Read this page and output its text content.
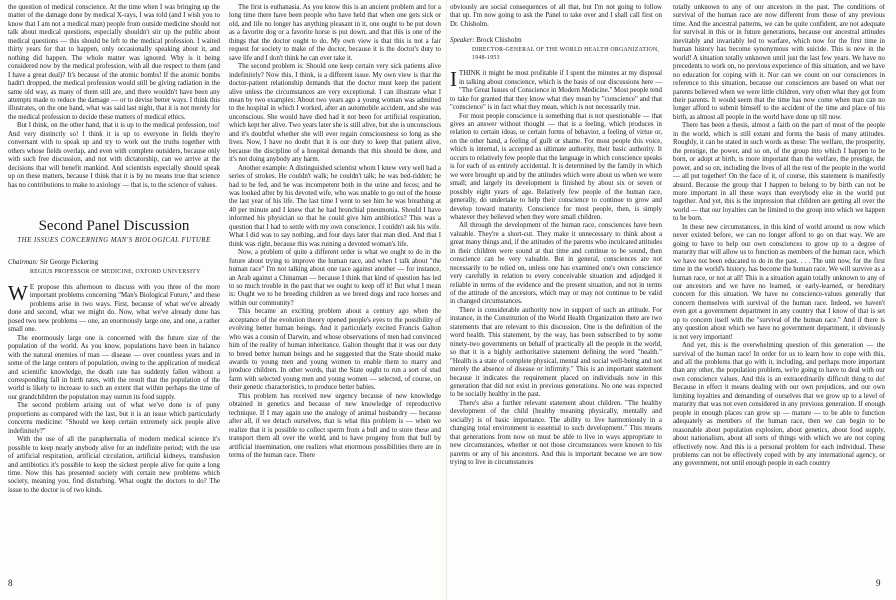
the question of medical conscience. At the time when I was bringing up the matter of the damage done by medical X-rays, I was told (and I wish you to know that I am not a medical man) people from outside medicine should not talk about medical questions, especially shouldn't stir up the public about medical questions — this should be left to the medical profession. I waited thirty years for that to happen, only occasionally speaking about it, and nothing did happen. The whole matter was ignored. Why is it being considered now by the medical profession, with all due respect to them (and I have a great deal)? It's because of the atomic bombs! If the atomic bombs hadn't dropped, the medical profession would still be giving radiation in the same old way, as many of them still are, and there wouldn't have been any attempts made to reduce the damage — or to devise better ways. I think this illustrates, on the one hand, what was said last night, that it is not merely for the medical profession to decide these matters of medical ethics.

But I think, on the other hand, that it is up to the medical profession, too! And very distinctly so! I think it is up to everyone in fields they're conversant with to speak up and try to work out the truths together with others whose fields overlap, and even with complete outsiders, because only with such free discussion, and not with dictatorship, can we arrive at the decisions that will benefit mankind. And scientists especially should speak up on these matters, because I think that it is by no means true that science has no contributions to make to axiology — that is, to the science of values.

Second Panel Discussion
THE ISSUES CONCERNING MAN'S BIOLOGICAL FUTURE
Chairman: Sir George Pickering
REGIUS PROFESSOR OF MEDICINE, OXFORD UNIVERSITY

W E propose this afternoon to discuss with you three of the more important problems concerning "Man's Biological Future," and these problems arise in two ways. First, because of what we've already done and second, what we might do. Now, what we've already done has posed two new problems — one, an enormously large one, and one, a rather small one.

The enormously large one is concerned with the future size of the population of the world. As you know, populations have been in balance with the natural enemies of man — disease — over countless years and in some of the large centers of population, owing to the application of medical and scientific knowledge, the death rate has suddenly fallen without a corresponding fall in birth rates, with the result that the population of the world is likely to increase to such an extent that within perhaps the time of our grandchildren the population may outrun its food supply.

The second problem arising out of what we've done is of puny proportions as compared with the last, but it is an issue which particularly concerns medicine: "Should we keep certain extremely sick people alive indefinitely?"

With the use of all the paraphernalia of modern medical science it's possible to keep nearly anybody alive for an indefinite period; with the use of artificial respiration, artificial circulation, artificial kidneys, transfusion and antibiotics it's possible to keep the sickest people alive for quite a long time. Now this has presented society with certain new problems which society, meaning you, find disturbing. What ought the doctors to do? The issue to the doctor is of two kinds.

The first is euthanasia. As you know this is an ancient problem and for a long time there have been people who have held that when one gets sick or old, and life no longer has anything pleasant in it, one ought to be put down as a favorite dog or a favorite horse is put down, and that this is one of the things that the doctor ought to do. My own view is that this is not a fair request for society to make of the doctor, because it is the doctor's duty to save life and I don't think he can ever take it.

The second problem is: Should one keep certain very sick patients alive indefinitely? Now this, I think, is a different issue. My own view is that the doctor-patient relationship demands that the doctor must keep the patient alive unless the circumstances are very exceptional. I can illustrate what I mean by two examples: About two years ago a young woman was admitted to the hospital in which I worked, after an automobile accident, and she was unconscious. She would have died had it not been for artificial respiration, which kept her alive. Two years later she is still alive, but she is unconscious and it's doubtful whether she will ever regain consciousness so long as she lives. Now, I have no doubt that it is our duty to keep that patient alive, because the discipline of a hospital demands that this should be done, and it's not doing anybody any harm.

Another example: A distinguished scientist whom I knew very well had a series of strokes. He couldn't walk; he couldn't talk; he was bed-ridden; he had to be fed, and he was incompetent both in the urine and feces; and he was looked after by his devoted wife, who was unable to go out of the house the last year of his life. The last time I went to see him he was breathing at 40 per minute and I knew that he had bronchial pneumonia. Should I have informed his physician so that he could give him antibiotics? This was a question that I had to settle with my own conscience. I couldn't ask his wife. What I did was to say nothing, and four days later that man died. And that I think was right, because this was ruining a devoted woman's life.

Now, a problem of quite a different order is what we ought to do in the future about trying to improve the human race, and when I talk about "the human race" I'm not talking about one race against another — for instance, an Arab against a Chinaman — because I think that kind of question has led to so much trouble in the past that we ought to keep off it! But what I mean is: Ought we to be breeding children as we breed dogs and race horses and within our community?

This became an exciting problem about a century ago when the acceptance of the evolution theory opened people's eyes to the possibility of evolving better human beings. And it particularly excited Francis Galton who was a cousin of Darwin, and whose observations of men had convinced him of the reality of human inheritance. Galton thought that it was our duty to breed better human beings and he suggested that the State should make awards to young men and young women to enable them to marry and produce children. In other words, that the State ought to run a sort of stud farm with selected young men and young women — selected, of course, on their genetic characteristics, to produce better babies.

This problem has received new urgency because of new knowledge obtained in genetics and because of new knowledge of reproductive technique. If I may again use the analogy of animal husbandry — because after all, if we detach ourselves, that is what this problem is — when we realize that it is possible to collect sperm from a bull and to store these and transport them all over the world, and to have progeny from that bull by artificial insemination, one realizes what enormous possibilities there are in terms of the human race. There

obviously are social consequences of all that, but I'm not going to follow that up. I'm now going to ask the Panel to take over and I shall call first on Dr. Chisholm.

Speaker: Brock Chisholm
DIRECTOR-GENERAL OF THE WORLD HEALTH ORGANIZATION, 1948-1953

ITHINK it might be most profitable if I spent the minutes at my disposal in talking about conscience, which is the basis of our discussions here — "The Great Issues of Conscience in Modern Medicine." Most people tend to take for granted that they know what they mean by "conscience" and that "conscience" is in fact what they mean, which is not necessarily true.

For most people conscience is something that is not questionable — that gives an answer without thought — that is a feeling, which produces in relation to certain ideas, or certain forms of behavior, a feeling of virtue or, on the other hand, a feeling of guilt or shame. For most people this voice, which is internal, is accepted as ultimate authority, their basic authority. It occurs to relatively few people that the language in which conscience speaks is for each of us entirely accidental. It is determined by the family in which we were brought up and by the attitudes which were about us when we were small; and largely its development is finished by about six or seven or possibly eight years of age. Relatively few people of the human race, generally, do undertake to help their conscience to continue to grow and develop toward maturity. Conscience for most people, then, is simply whatever they believed when they were small children.

All through the development of the human race, consciences have been valuable. They're a short-cut. They make it unnecessary to think about a great many things and, if the attitudes of the parents who inculcated attitudes in their children were sound at that time and continue to be sound, then conscience can be very valuable. But in general, consciences are not necessarily to be relied on, unless one has examined one's own conscience very carefully in relation to every conceivable situation and adjudged it reliable in terms of the evidence and the present situation, and not in terms of the attitude of the ancestors, which may or may not continue to be valid in changed circumstances.

There is considerable authority now in support of such an attitude. For instance, in the Constitution of the World Health Organization there are two statements that are relevant to this discussion. One is the definition of the word health. This statement, by the way, has been subscribed to by some ninety-two governments on behalf of practically all the people in the world, so that it is a highly authoritative statement defining the word "health." "Health is a state of complete physical, mental and social well-being and not merely the absence of disease or infirmity." This is an important statement because it indicates the requirement placed on individuals now in this generation that did not exist in previous generations. No one was expected to be socially healthy in the past.

There's also a further relevant statement about children. "The healthy development of the child (healthy meaning physically, mentally and socially) is of basic importance. The ability to live harmoniously in a changing total environment is essential to such development." This means that generations from now on must be able to live in ways appropriate to new circumstances, whether or not those circumstances were known to his parents or any of his ancestors. And this is important because we are now trying to live in circumstances

totally unknown to any of our ancestors in the past. The conditions of survival of the human race are now different from those of any previous time. And the ancestral patterns, we can be quite confident, are not adequate for survival in this or in future generations, because our ancestral attitudes inevitably and invariably led to warfare, which now for the first time in human history has become synonymous with suicide. This is new in the world! A situation totally unknown until just the last few years. We have no precedents to work on, no previous experience of this situation, and we have no education for coping with it. Nor can we count on our consciences in reference to this situation, because our consciences are based on what our parents believed when we were little children, very often what they got from their parents. It would seem that the time has now come when man can no longer afford to submit himself to the accident of the time and place of his birth, as almost all people in the world have done up till now.

There has been a thesis, almost a faith on the part of most of the people in the world, which is still extant and forms the basis of many attitudes. Roughly, it can be stated in such words as these: The welfare, the prosperity, the prestige, the power, and so on, of the group into which I happen to be born, or adopt at birth, is more important than the welfare, the prestige, the power, and so on, including the lives of all the rest of the people in the world — all put together! On the face of it, of course, this statement is manifestly absurd. Because the group that I happen to belong to by birth can not be more important in all these ways than everybody else in the world put together. And yet, this is the impression that children are getting all over the world — that our loyalties can be limited to the group into which we happen to be born.

In these new circumstances, in this kind of world around us now which never existed before, we can no longer afford to go on that way. We are going to have to help our own consciences to grow up to a degree of maturity that will allow us to function as members of the human race, which we have not been educated to do in the past. . . . The unit now, for the first time in the world's history, has become the human race. We will survive as a human race, or not at all! This is a situation again totally unknown to any of our ancestors and we have no learned, or early-learned, or hereditary concern for this situation. We have no conscience-values generally that concern themselves with survival of the human race. Indeed, we haven't even got a government department in any country that I know of that is set up to concern itself with the "survival of the human race." And if there is any question about which we have no government department, it obviously is not very important!

And yet, this is the overwhelming question of this generation — the survival of the human race! In order for us to learn how to cope with this, and all the problems that go with it, including, and perhaps more important than any other, the population problem, we're going to have to deal with our own conscience values. And this is an extraordinarily difficult thing to do! Because in effect it means dealing with our own prejudices, and our own limiting loyalties and demanding of ourselves that we grow up to a level of maturity that was not even considered in any previous generation. If enough people in enough places can grow up — mature — to be able to function adequately as members of the human race, then we can begin to be reasonable about population explosion, about genetics, about food supply, about nationalism, about all sorts of things with which we are not coping effectively now. And this is a personal problem for each individual. These problems can not be effectively coped with by any international agency, or any government, not until enough people in each country

8	9
